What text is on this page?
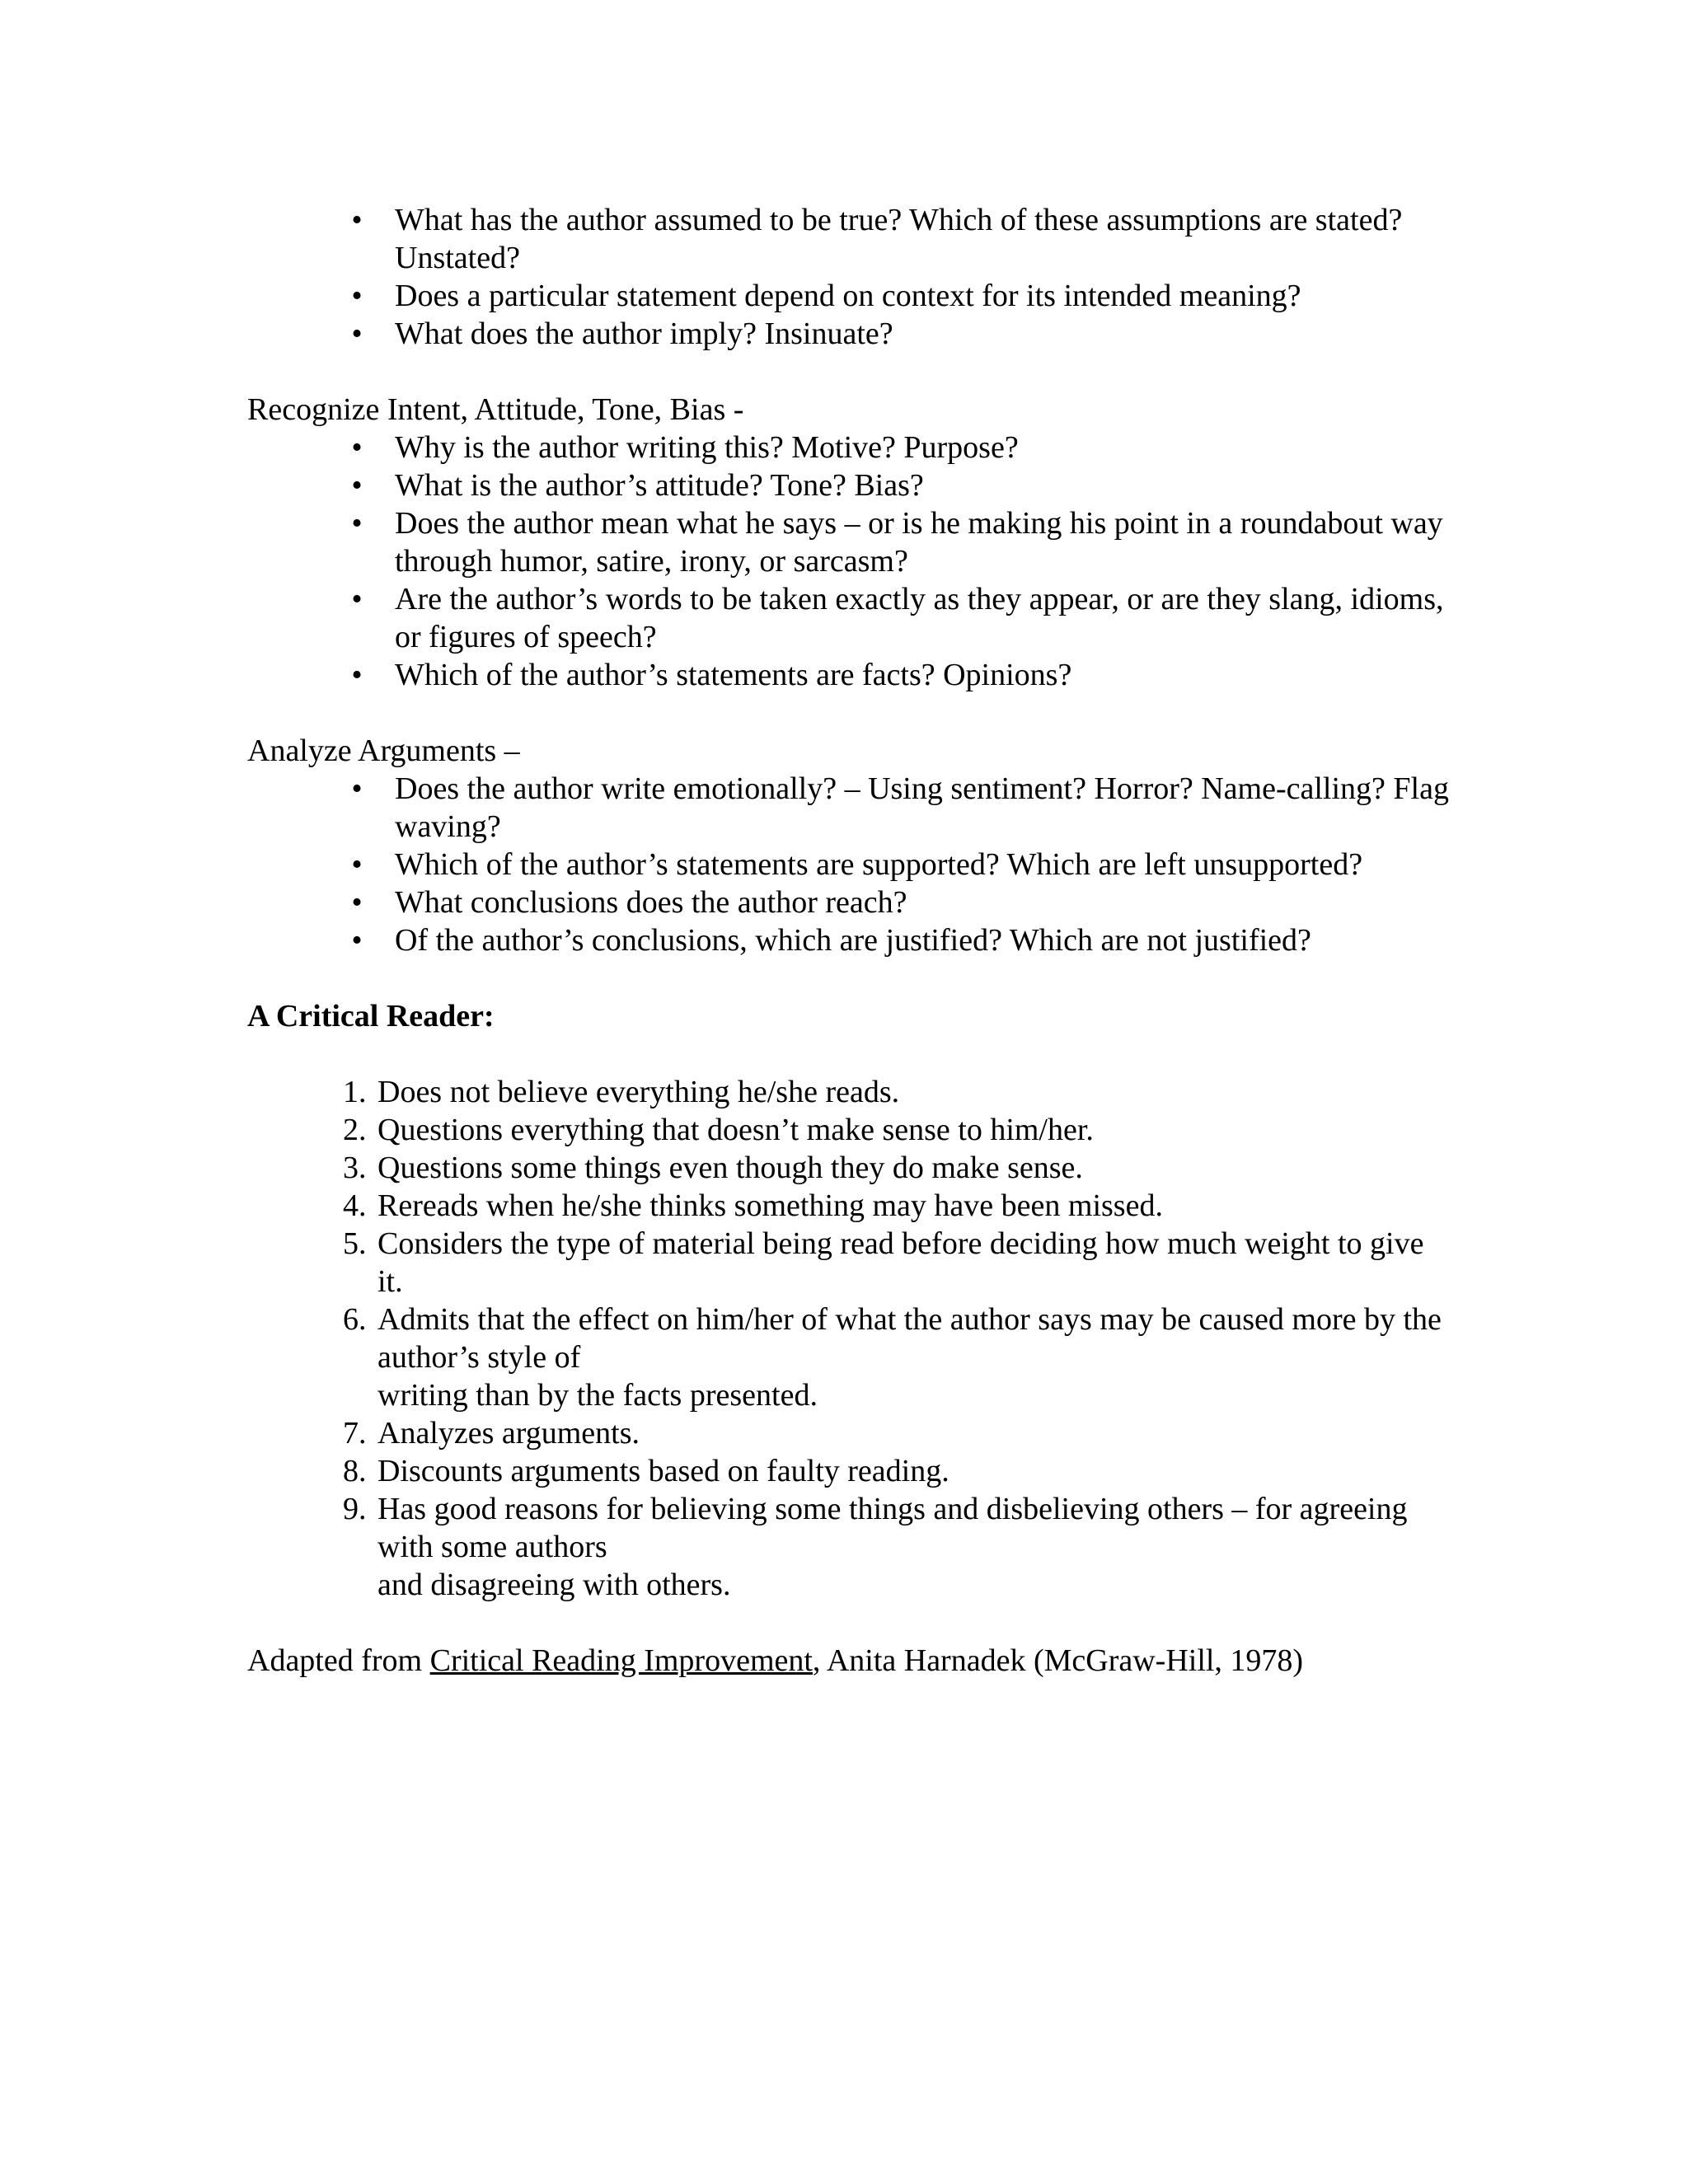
• What has the author assumed to be true? Which of these assumptions are stated? Unstated?
• Does a particular statement depend on context for its intended meaning?
• What does the author imply? Insinuate?

Recognize Intent, Attitude, Tone, Bias -

• Why is the author writing this? Motive? Purpose?
• What is the author’s attitude? Tone? Bias?
• Does the author mean what he says – or is he making his point in a roundabout way through humor, satire, irony, or sarcasm?
• Are the author’s words to be taken exactly as they appear, or are they slang, idioms, or figures of speech?
• Which of the author’s statements are facts? Opinions?

Analyze Arguments –

• Does the author write emotionally? – Using sentiment? Horror? Name-calling? Flag waving?
• Which of the author’s statements are supported? Which are left unsupported?
• What conclusions does the author reach?
• Of the author’s conclusions, which are justified? Which are not justified?

A Critical Reader:

1. Does not believe everything he/she reads.
2. Questions everything that doesn’t make sense to him/her.
3. Questions some things even though they do make sense.
4. Rereads when he/she thinks something may have been missed.
5. Considers the type of material being read before deciding how much weight to give it.
6. Admits that the effect on him/her of what the author says may be caused more by the author’s style of
writing than by the facts presented.
7. Analyzes arguments.
8. Discounts arguments based on faulty reading.
9. Has good reasons for believing some things and disbelieving others – for agreeing with some authors
and disagreeing with others.

Adapted from Critical Reading Improvement, Anita Harnadek (McGraw-Hill, 1978)
